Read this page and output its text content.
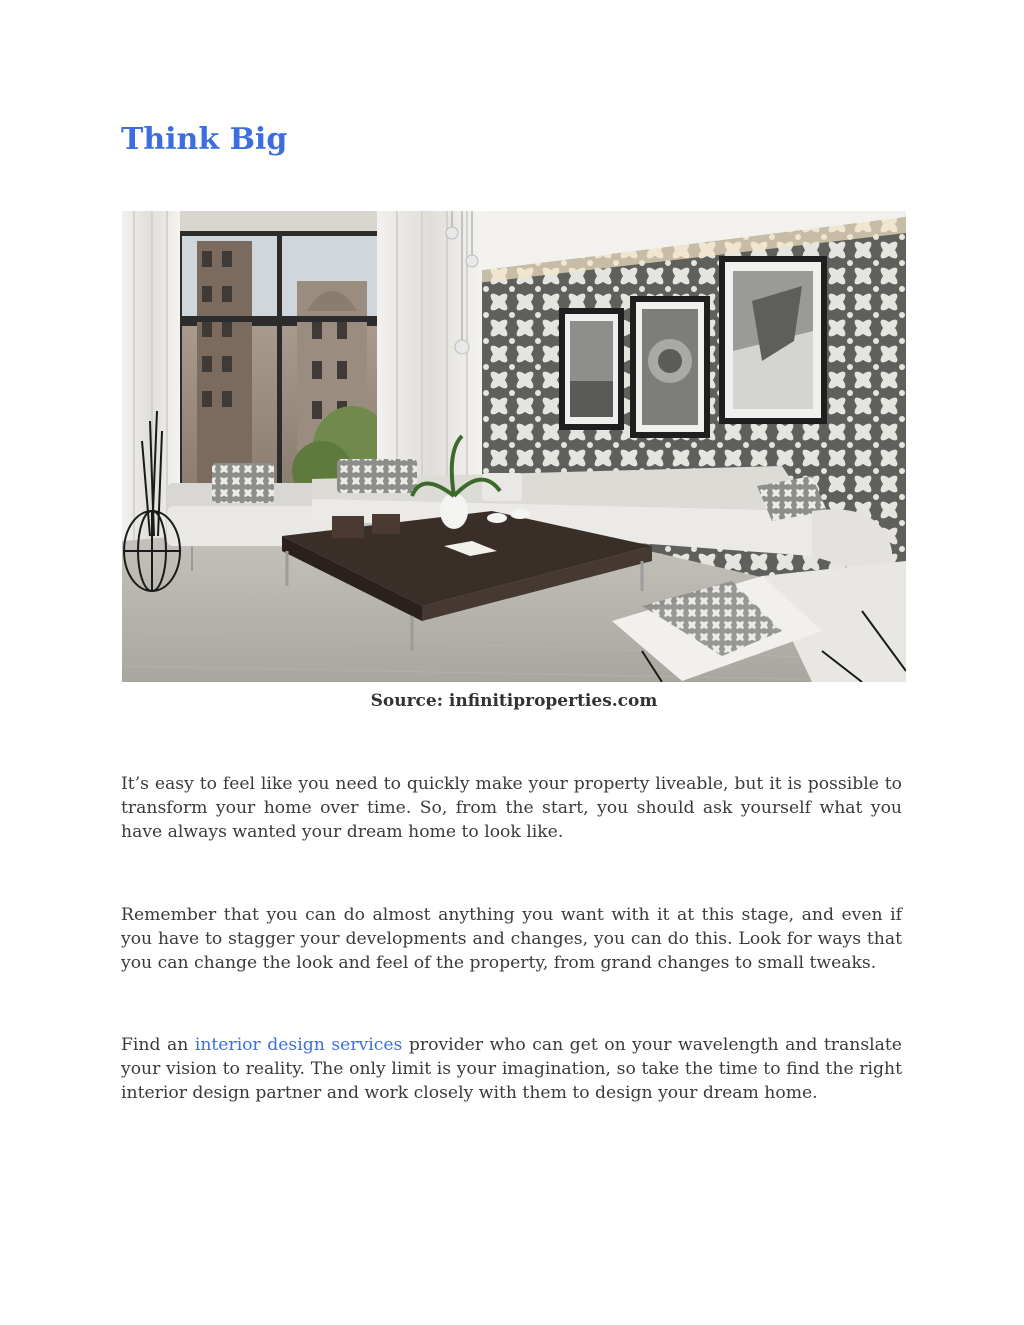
Think Big

Source: infinitiproperties.com

It’s easy to feel like you need to quickly make your property liveable, but it is possible to transform your home over time. So, from the start, you should ask yourself what you have always wanted your dream home to look like.

Remember that you can do almost anything you want with it at this stage, and even if you have to stagger your developments and changes, you can do this. Look for ways that you can change the look and feel of the property, from grand changes to small tweaks.

Find an interior design services provider who can get on your wavelength and translate your vision to reality. The only limit is your imagination, so take the time to find the right interior design partner and work closely with them to design your dream home.
